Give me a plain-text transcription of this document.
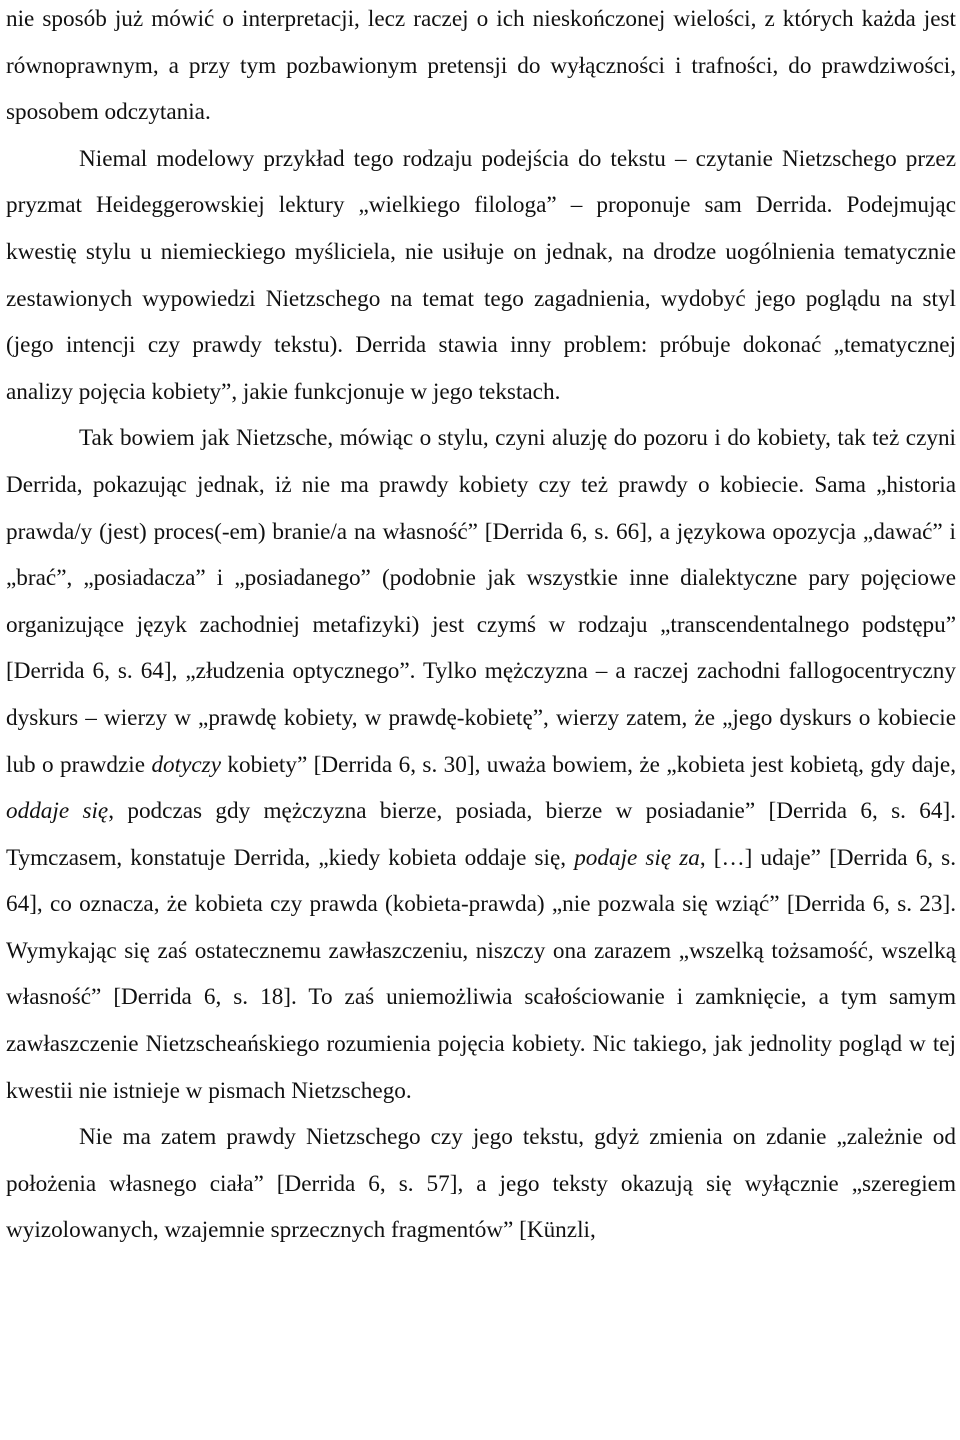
nie sposób już mówić o interpretacji, lecz raczej o ich nieskończonej wielości, z których każda jest równoprawnym, a przy tym pozbawionym pretensji do wyłączności i trafności, do prawdziwości, sposobem odczytania.

Niemal modelowy przykład tego rodzaju podejścia do tekstu – czytanie Nietzschego przez pryzmat Heideggerowskiej lektury „wielkiego filologa” – proponuje sam Derrida. Podejmując kwestię stylu u niemieckiego myśliciela, nie usiłuje on jednak, na drodze uogólnienia tematycznie zestawionych wypowiedzi Nietzschego na temat tego zagadnienia, wydobyć jego poglądu na styl (jego intencji czy prawdy tekstu). Derrida stawia inny problem: próbuje dokonać „tematycznej analizy pojęcia kobiety”, jakie funkcjonuje w jego tekstach.

Tak bowiem jak Nietzsche, mówiąc o stylu, czyni aluzję do pozoru i do kobiety, tak też czyni Derrida, pokazując jednak, iż nie ma prawdy kobiety czy też prawdy o kobiecie. Sama „historia prawda/y (jest) proces(-em) branie/a na własność” [Derrida 6, s. 66], a językowa opozycja „dawać” i „brać”, „posiadacza” i „posiadanego” (podobnie jak wszystkie inne dialektyczne pary pojęciowe organizujące język zachodniej metafizyki) jest czymś w rodzaju „transcendentalnego podstępu” [Derrida 6, s. 64], „złudzenia optycznego”. Tylko mężczyzna – a raczej zachodni fallogocentryczny dyskurs – wierzy w „prawdę kobiety, w prawdę-kobietę”, wierzy zatem, że „jego dyskurs o kobiecie lub o prawdzie dotyczy kobiety” [Derrida 6, s. 30], uważa bowiem, że „kobieta jest kobietą, gdy daje, oddaje się, podczas gdy mężczyzna bierze, posiada, bierze w posiadanie” [Derrida 6, s. 64]. Tymczasem, konstatuje Derrida, „kiedy kobieta oddaje się, podaje się za, […] udaje” [Derrida 6, s. 64], co oznacza, że kobieta czy prawda (kobieta-prawda) „nie pozwala się wziąć” [Derrida 6, s. 23]. Wymykając się zaś ostatecznemu zawłaszczeniu, niszczy ona zarazem „wszelką tożsamość, wszelką własność” [Derrida 6, s. 18]. To zaś uniemożliwia scałościowanie i zamknięcie, a tym samym zawłaszczenie Nietzscheańskiego rozumienia pojęcia kobiety. Nic takiego, jak jednolity pogląd w tej kwestii nie istnieje w pismach Nietzschego.

Nie ma zatem prawdy Nietzschego czy jego tekstu, gdyż zmienia on zdanie „zależnie od położenia własnego ciała” [Derrida 6, s. 57], a jego teksty okazują się wyłącznie „szeregiem wyizolowanych, wzajemnie sprzecznych fragmentów” [Künzli,
